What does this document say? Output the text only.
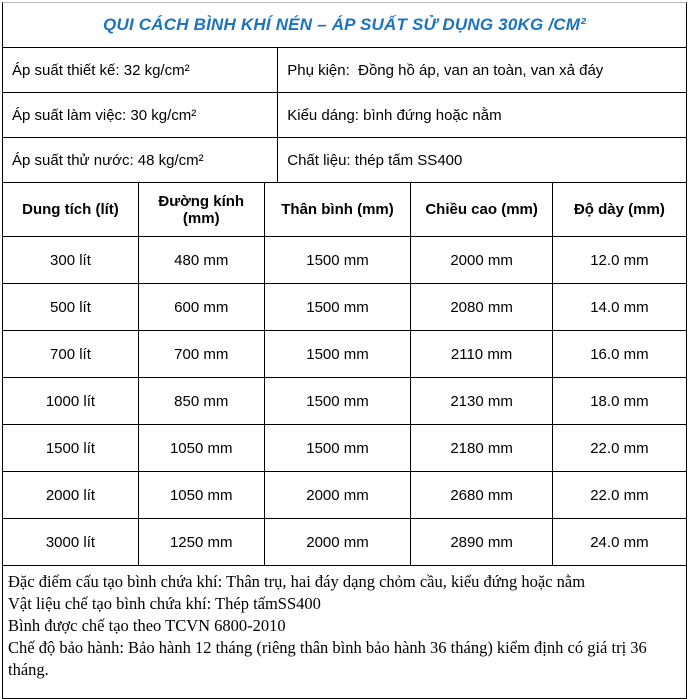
QUI CÁCH BÌNH KHÍ NÉN – ÁP SUẤT SỬ DỤNG 30KG /CM²
Áp suất thiết kế: 32 kg/cm²	Phụ kiện:  Đồng hồ áp, van an toàn, van xả đáy
Áp suất làm việc: 30 kg/cm²	Kiểu dáng: bình đứng hoặc nằm
Áp suất thử nước: 48 kg/cm²	Chất liệu: thép tấm SS400
Dung tích (lít)	Đường kính (mm)	Thân bình (mm)	Chiều cao (mm)	Độ dày (mm)
300 lít	480 mm	1500 mm	2000 mm	12.0 mm
500 lít	600 mm	1500 mm	2080 mm	14.0 mm
700 lít	700 mm	1500 mm	2110 mm	16.0 mm
1000 lít	850 mm	1500 mm	2130 mm	18.0 mm
1500 lít	1050 mm	1500 mm	2180 mm	22.0 mm
2000 lít	1050 mm	2000 mm	2680 mm	22.0 mm
3000 lít	1250 mm	2000 mm	2890 mm	24.0 mm

Đặc điểm cấu tạo bình chứa khí: Thân trụ, hai đáy dạng chỏm cầu, kiểu đứng hoặc nằm

Vật liệu chế tạo bình chứa khí: Thép tấmSS400

Bình được chế tạo theo TCVN 6800-2010

Chế độ bảo hành: Bảo hành 12 tháng (riêng thân bình bảo hành 36 tháng) kiểm định có giá trị 36 tháng.
